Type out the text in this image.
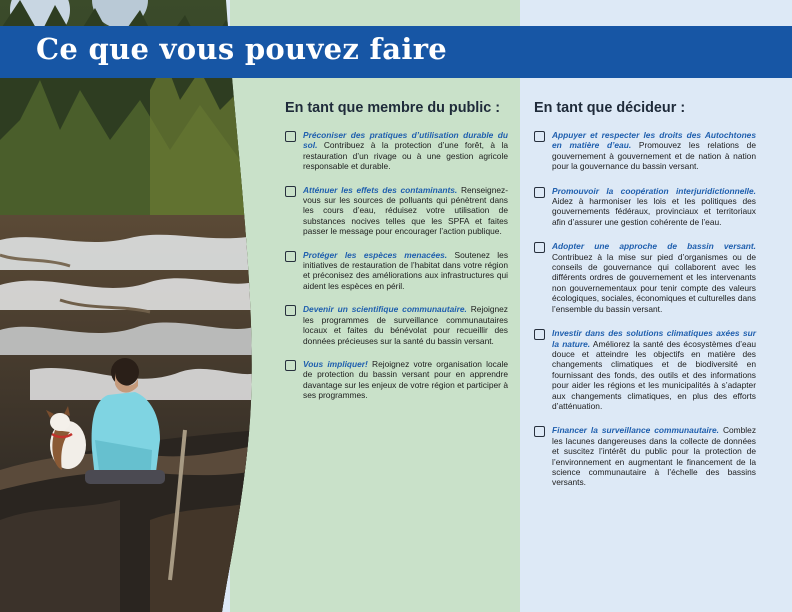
Ce que vous pouvez faire
En tant que membre du public :
Préconiser des pratiques d’utilisation durable du sol. Contribuez à la protection d’une forêt, à la restauration d’un rivage ou à une gestion agricole responsable et durable.
Atténuer les effets des contaminants. Renseignez-vous sur les sources de polluants qui pénètrent dans les cours d’eau, réduisez votre utilisation de substances nocives telles que les SPFA et faites passer le message pour encourager l’action publique.
Protéger les espèces menacées. Soutenez les initiatives de restauration de l’habitat dans votre région et préconisez des améliorations aux infrastructures qui aident les espèces en péril.
Devenir un scientifique communautaire. Rejoignez les programmes de surveillance communautaires locaux et faites du bénévolat pour recueillir des données précieuses sur la santé du bassin versant.
Vous impliquer! Rejoignez votre organisation locale de protection du bassin versant pour en apprendre davantage sur les enjeux de votre région et participer à ses programmes.
En tant que décideur :
Appuyer et respecter les droits des Autochtones en matière d’eau. Promouvez les relations de gouvernement à gouvernement et de nation à nation pour la gouvernance du bassin versant.
Promouvoir la coopération interjuridictionnelle. Aidez à harmoniser les lois et les politiques des gouvernements fédéraux, provinciaux et territoriaux afin d’assurer une gestion cohérente de l’eau.
Adopter une approche de bassin versant. Contribuez à la mise sur pied d’organismes ou de conseils de gouvernance qui collaborent avec les différents ordres de gouvernement et les intervenants non gouvernementaux pour tenir compte des valeurs écologiques, sociales, économiques et culturelles dans l’ensemble du bassin versant.
Investir dans des solutions climatiques axées sur la nature. Améliorez la santé des écosystèmes d’eau douce et atteindre les objectifs en matière des changements climatiques et de biodiversité en fournissant des fonds, des outils et des informations pour aider les régions et les municipalités à s’adapter aux changements climatiques, en plus des efforts d’atténuation.
Financer la surveillance communautaire. Comblez les lacunes dangereuses dans la collecte de données et suscitez l’intérêt du public pour la protection de l’environnement en augmentant le financement de la science communautaire à l’échelle des bassins versants.
